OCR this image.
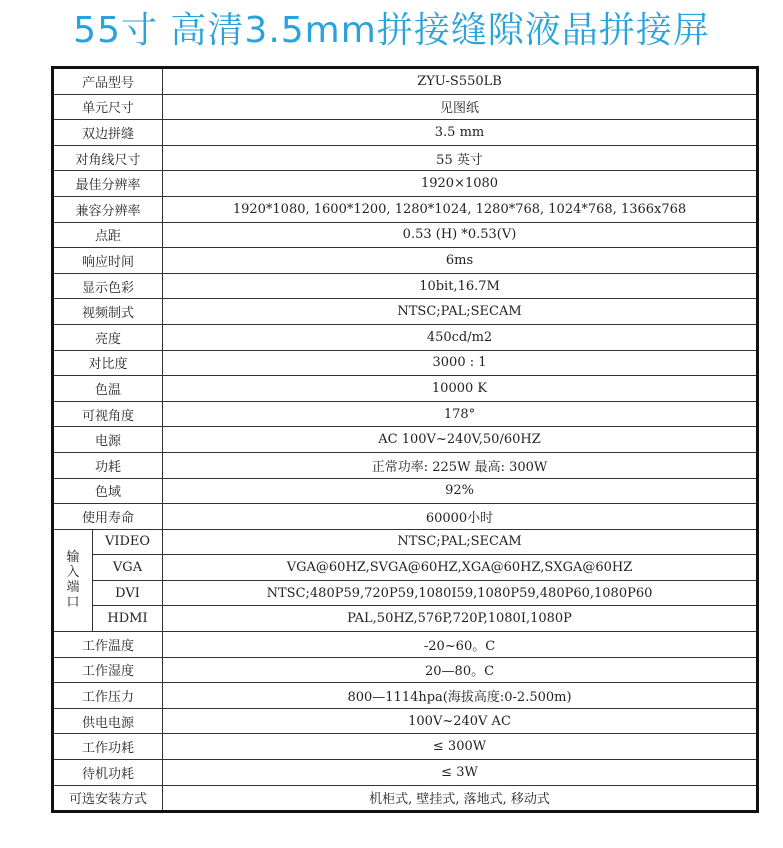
55寸 高清3.5mm拼接缝隙液晶拼接屏
产品型号		ZYU-S550LB
单元尺寸		见图纸
双边拼缝		3.5 mm
对角线尺寸		55 英寸
最佳分辨率		1920×1080
兼容分辨率		1920*1080, 1600*1200, 1280*1024, 1280*768, 1024*768, 1366x768
点距		0.53 (H) *0.53(V)
响应时间		6ms
显示色彩		10bit,16.7M
视频制式		NTSC;PAL;SECAM
亮度		450cd/m2
对比度		3000 : 1
色温		10000 K
可视角度		178°
电源		AC 100V~240V,50/60HZ
功耗		正常功率: 225W 最高: 300W
色域		92%
使用寿命		60000小时

输
入
端
口	VIDEO	NTSC;PAL;SECAM
	VGA	VGA@60HZ,SVGA@60HZ,XGA@60HZ,SXGA@60HZ
	DVI	NTSC;480P59,720P59,1080I59,1080P59,480P60,1080P60
	HDMI	PAL,50HZ,576P,720P,1080I,1080P
工作温度		-20~60。C
工作湿度		20—80。C
工作压力		800—1114hpa(海拔高度:0-2.500m)
供电电源		100V~240V AC
工作功耗		≤ 300W
待机功耗		≤ 3W
可选安装方式		机柜式, 壁挂式, 落地式, 移动式
